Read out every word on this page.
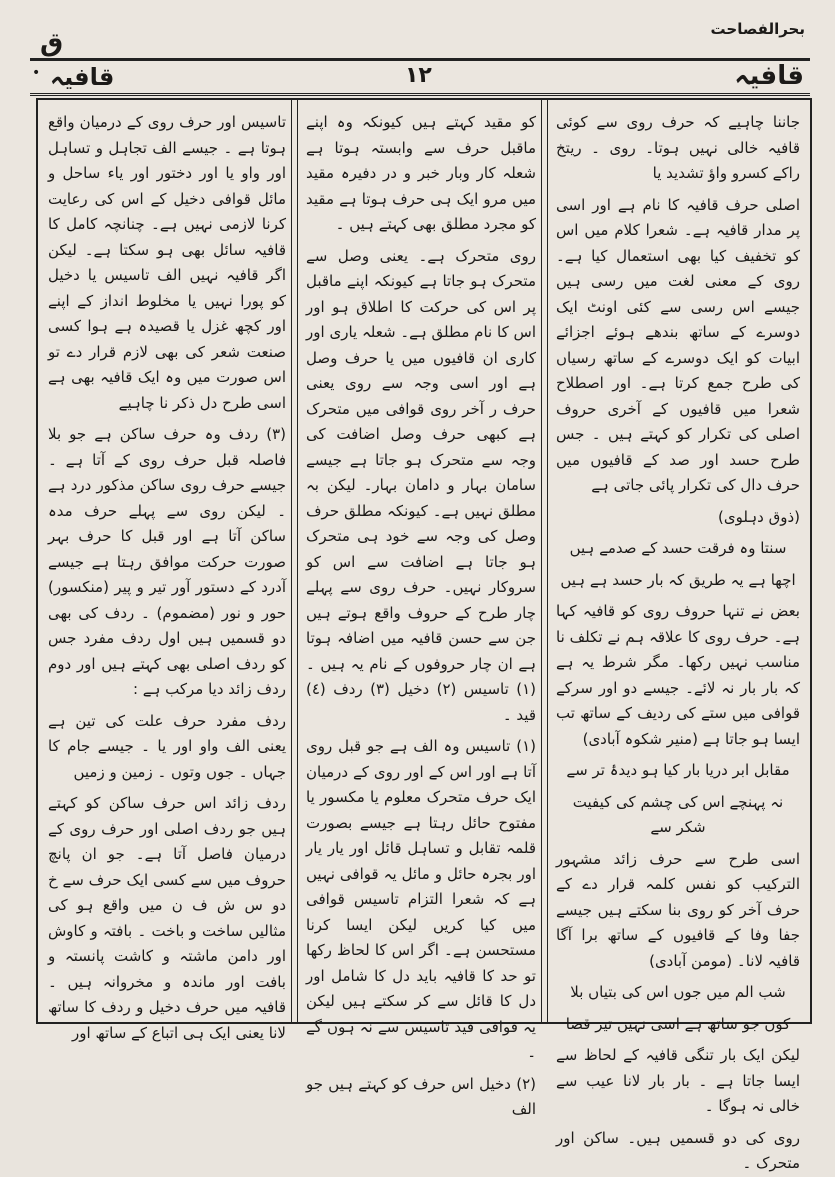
ق	بحرالفصاحت
• قافیہ	١٢	قافیہ

جاننا چاہیے کہ حرف روی سے کوئی قافیہ خالی نہیں ہوتا۔ روی ۔ ریتخ راکے کسرو واؤ تشدید یا

اصلی حرف قافیہ کا نام ہے اور اسی پر مدار قافیہ ہے۔ شعرا کلام میں اس کو تخفیف کیا بھی استعمال کیا ہے۔ روی کے معنی لغت میں رسی ہیں جیسے اس رسی سے کئی اونٹ ایک دوسرے کے ساتھ بندھے ہوئے اجزائے ابیات کو ایک دوسرے کے ساتھ رسیاں کی طرح جمع کرتا ہے۔ اور اصطلاح شعرا میں قافیوں کے آخری حروف اصلی کی تکرار کو کہتے ہیں ۔ جس طرح حسد اور صد کے قافیوں میں حرف دال کی تکرار پائی جاتی ہے

(ذوق دہلوی)

سنتا وہ فرقت حسد کے صدمے ہیں

اچھا ہے یہ طریق کہ بار حسد ہے ہیں

بعض نے تنہا حروف روی کو قافیہ کہا ہے۔ حرف روی کا علاقہ ہم نے تکلف نا مناسب نہیں رکھا۔ مگر شرط یہ ہے کہ بار بار نہ لائے۔ جیسے دو اور سرکے قوافی میں ستے کی ردیف کے ساتھ تب ایسا ہو جاتا ہے (منیر شکوہ آبادی)

مقابل ابر دریا بار کیا ہو دیدۂ تر سے

نہ پہنچے اس کی چشم کی کیفیت شکر سے

اسی طرح سے حرف زائد مشہور الترکیب کو نفس کلمہ قرار دے کے حرف آخر کو روی بنا سکتے ہیں جیسے جفا وفا کے قافیوں کے ساتھ برا آگا قافیہ لانا۔ (مومن آبادی)

شب الم میں جوں اس کی بتیاں بلا

کوں جو ساتھ ہے اسی نہیں تیر قضا

لیکن ایک بار تنگی قافیہ کے لحاظ سے ایسا جاتا ہے ۔ بار بار لانا عیب سے خالی نہ ہوگا ۔

روی کی دو قسمیں ہیں۔ ساکن اور متحرک ۔

کو مقید کہتے ہیں کیونکہ وہ اپنے ماقبل حرف سے وابستہ ہوتا ہے شعلہ کار وبار خبر و در دفیرہ مقید میں مرو ایک ہی حرف ہوتا ہے مقید کو مجرد مطلق بھی کہتے ہیں ۔

روی متحرک ہے۔ یعنی وصل سے متحرک ہو جاتا ہے کیونکہ اپنے ماقبل پر اس کی حرکت کا اطلاق ہو اور اس کا نام مطلق ہے۔ شعلہ یاری اور کاری ان قافیوں میں یا حرف وصل ہے اور اسی وجہ سے روی یعنی حرف ر آخر روی قوافی میں متحرک ہے کبھی حرف وصل اضافت کی وجہ سے متحرک ہو جاتا ہے جیسے سامان بہار و دامان بہار۔ لیکن بہ مطلق نہیں ہے۔ کیونکہ مطلق حرف وصل کی وجہ سے خود ہی متحرک ہو جاتا ہے اضافت سے اس کو سروکار نہیں۔ حرف روی سے پہلے چار طرح کے حروف واقع ہوتے ہیں جن سے حسن قافیہ میں اضافہ ہوتا ہے ان چار حروفوں کے نام یہ ہیں ۔ (١) تاسیس (٢) دخیل (٣) ردف (٤) قید ۔

(١) تاسیس وہ الف ہے جو قبل روی آتا ہے اور اس کے اور روی کے درمیان ایک حرف متحرک معلوم یا مکسور یا مفتوح حائل رہتا ہے جیسے بصورت قلمہ تقابل و تساہل قائل اور یار یار اور بجرہ حائل و مائل یہ قوافی نہیں ہے کہ شعرا التزام تاسیس قوافی میں کیا کریں لیکن ایسا کرنا مستحسن ہے۔ اگر اس کا لحاظ رکھا تو حد کا قافیہ باید دل کا شامل اور دل کا قائل سے کر سکتے ہیں لیکن یہ قوافی قید تاسیس سے نہ ہوں گے ۔

(٢) دخیل اس حرف کو کہتے ہیں جو الف

تاسیس اور حرف روی کے درمیان واقع ہوتا ہے ۔ جیسے الف تجاہل و تساہل اور واو یا اور دختور اور یاء ساحل و مائل قوافی دخیل کے اس کی رعایت کرنا لازمی نہیں ہے۔ چنانچہ کامل کا قافیہ سائل بھی ہو سکتا ہے۔ لیکن اگر قافیہ نہیں الف تاسیس یا دخیل کو پورا نہیں یا مخلوط انداز کے اپنے اور کچھ غزل یا قصیدہ ہے ہوا کسی صنعت شعر کی بھی لازم قرار دے تو اس صورت میں وہ ایک قافیہ بھی ہے اسی طرح دل ذکر نا چاہیے

(٣) ردف وہ حرف ساکن ہے جو بلا فاصلہ قبل حرف روی کے آتا ہے ۔ جیسے حرف روی ساکن مذکور درد ہے ۔ لیکن روی سے پہلے حرف مدہ ساکن آتا ہے اور قبل کا حرف بہر صورت حرکت موافق رہتا ہے جیسے آدرد کے دستور آور تیر و پیر (منکسور) حور و نور (مضموم) ۔ ردف کی بھی دو قسمیں ہیں اول ردف مفرد جس کو ردف اصلی بھی کہتے ہیں اور دوم ردف زائد دیا مرکب ہے :

ردف مفرد حرف علت کی تین ہے یعنی الف واو اور یا ۔ جیسے جام کا جہاں ۔ جوں وتوں ۔ زمین و زمیں

ردف زائد اس حرف ساکن کو کہتے ہیں جو ردف اصلی اور حرف روی کے درمیان فاصل آتا ہے۔ جو ان پانچ حروف میں سے کسی ایک حرف سے خ دو س ش ف ن میں واقع ہو کی مثالیں ساخت و باخت ۔ بافتہ و کاوش اور دامن ماشتہ و کاشت پانستہ و بافت اور ماندہ و مخروانہ ہیں ۔ قافیہ میں حرف دخیل و ردف کا ساتھ لانا یعنی ایک ہی اتباع کے ساتھ اور
